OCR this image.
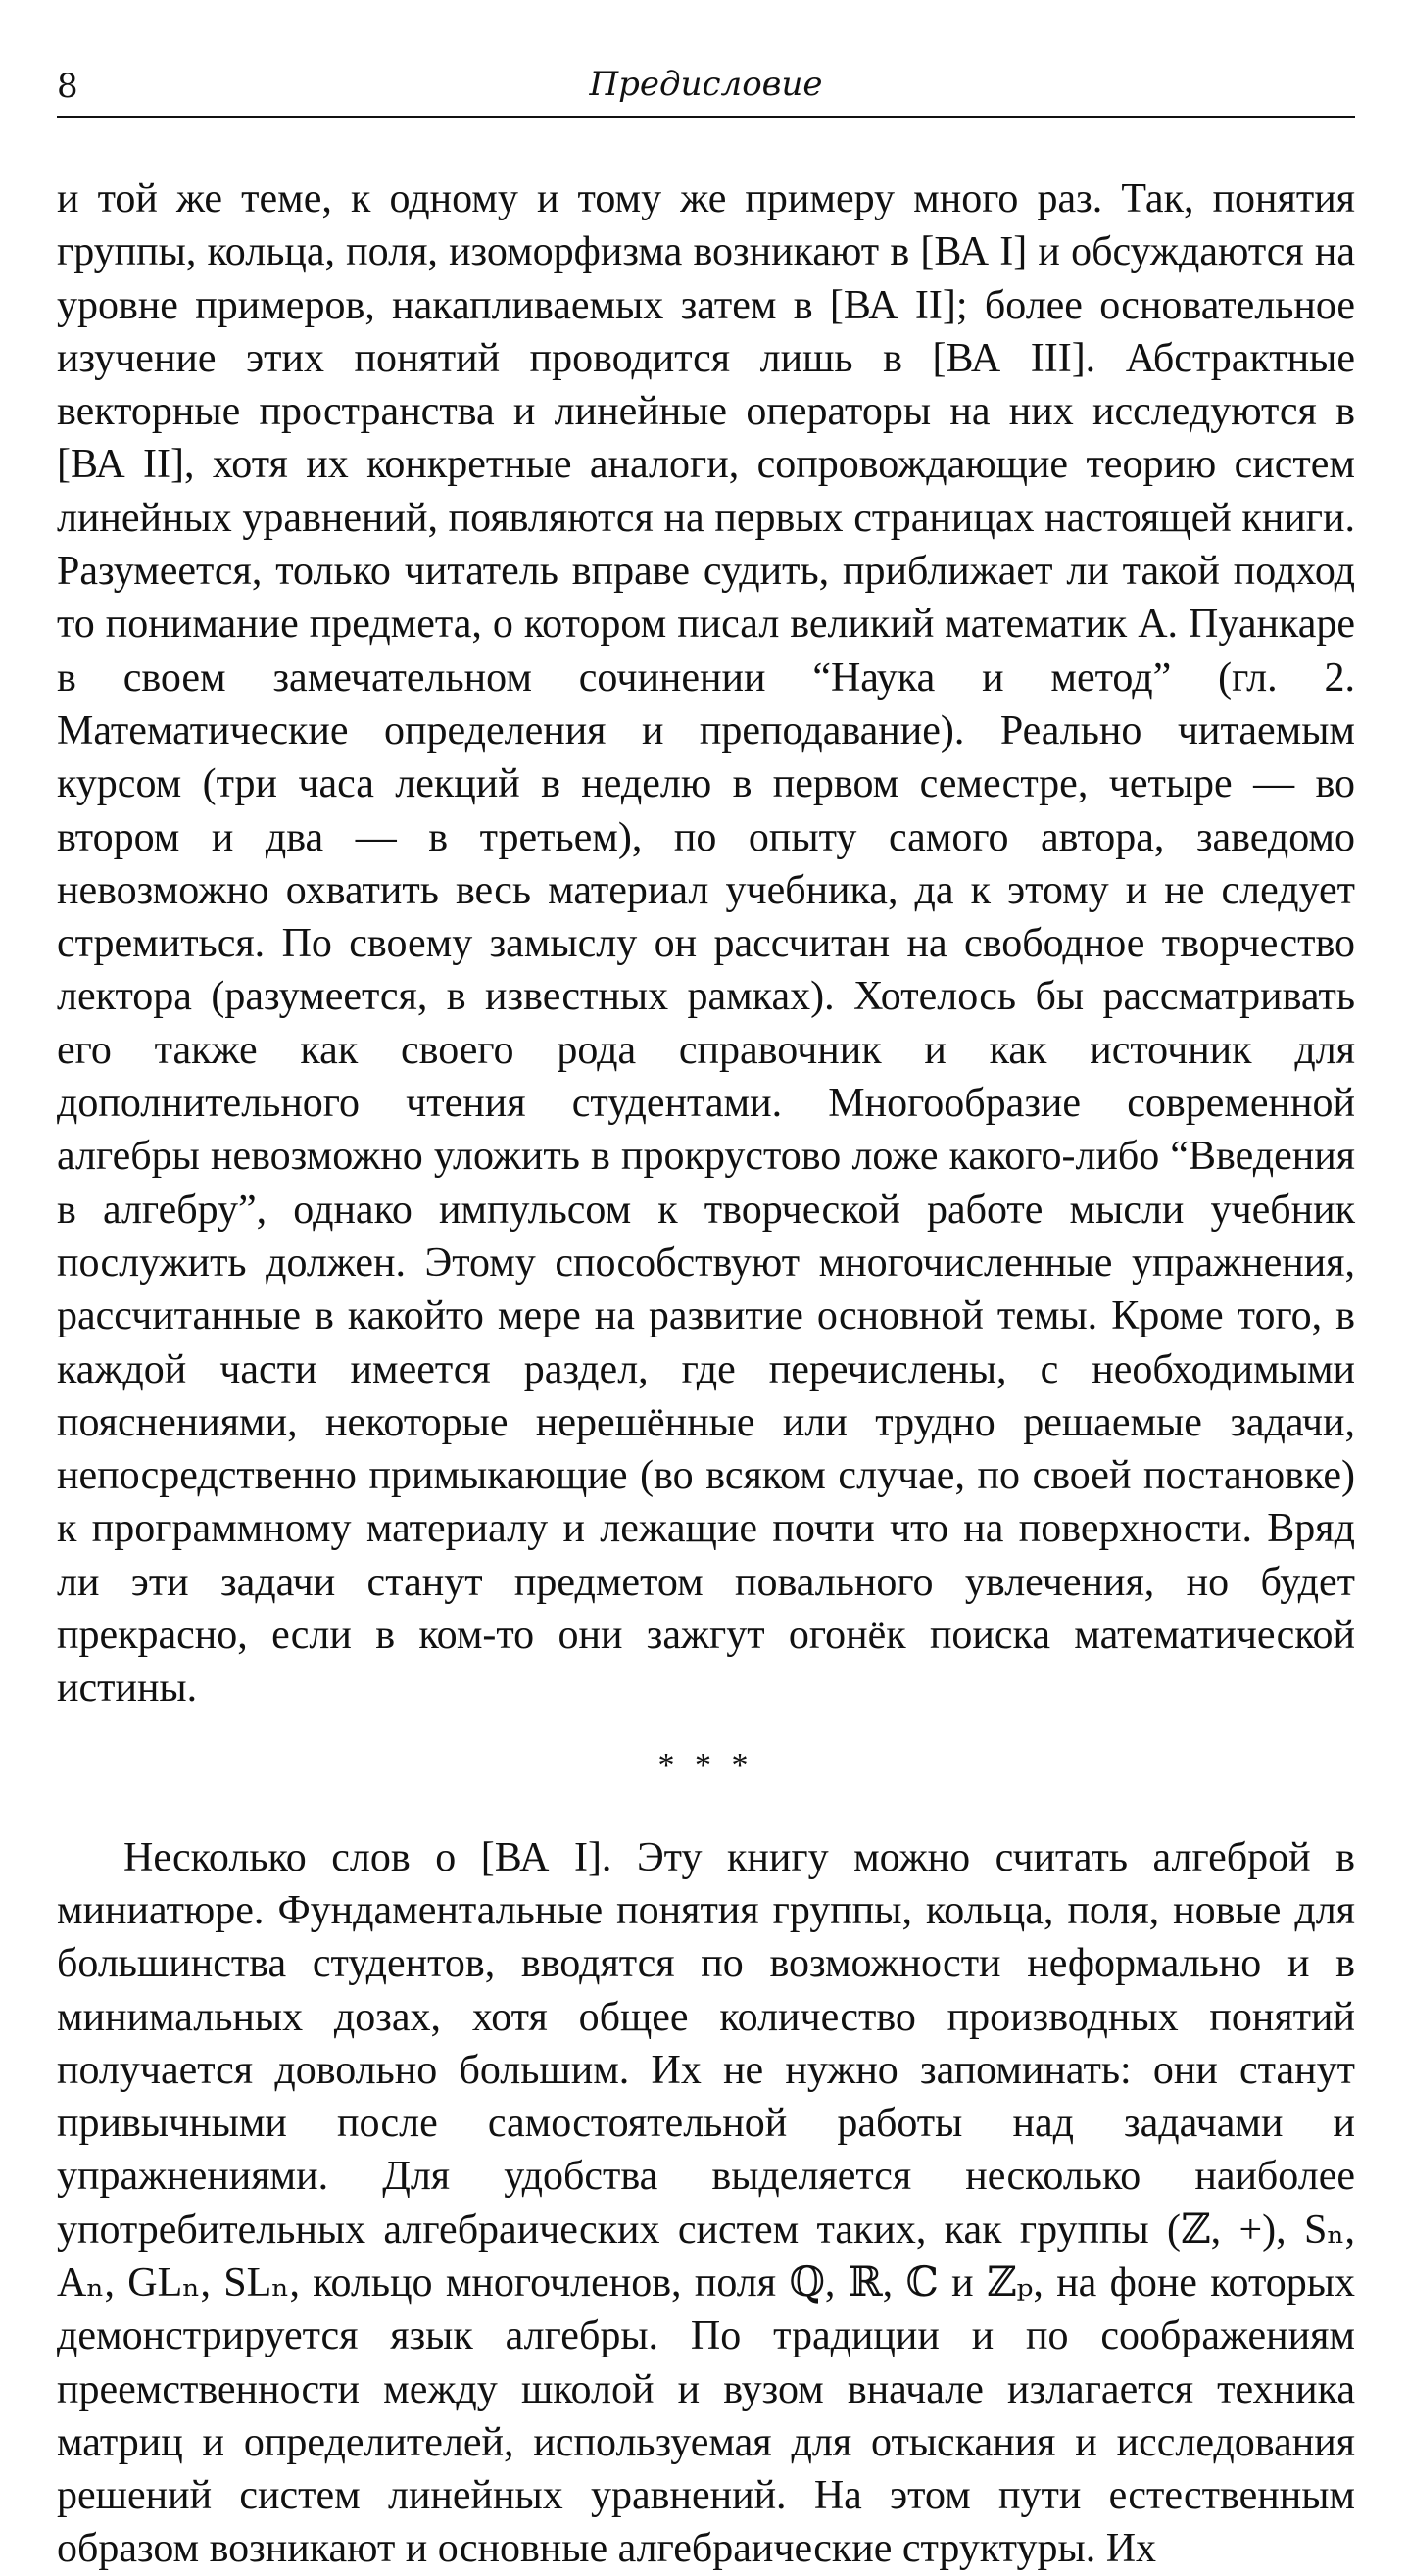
8	Предисловие

и той же теме, к одному и тому же примеру много раз. Так, понятия группы, кольца, поля, изоморфизма возникают в [ВА I] и обсуждаются на уровне примеров, накапливаемых затем в [ВА II]; более основательное изучение этих понятий проводится лишь в [ВА III]. Абстрактные векторные пространства и линейные операторы на них исследуются в [ВА II], хотя их конкретные аналоги, сопровождающие теорию систем линейных уравнений, появляются на первых страницах настоящей книги. Разумеется, только читатель вправе судить, приближает ли такой подход то понимание предмета, о котором писал великий математик А. Пуанкаре в своем замечательном сочинении “Наука и метод” (гл. 2. Математические определения и преподавание). Реально читаемым курсом (три часа лекций в неделю в первом семестре, четыре — во втором и два — в третьем), по опыту самого автора, заведомо невозможно охватить весь материал учебника, да к этому и не следует стремиться. По своему замыслу он рассчитан на свободное творчество лектора (разумеется, в известных рамках). Хотелось бы рассматривать его также как своего рода справочник и как источник для дополнительного чтения студентами. Многообразие современной алгебры невозможно уложить в прокрустово ложе какого-либо “Введения в алгебру”, однако импульсом к творческой работе мысли учебник послужить должен. Этому способствуют многочисленные упражнения, рассчитанные в какойто мере на развитие основной темы. Кроме того, в каждой части имеется раздел, где перечислены, с необходимыми пояснениями, некоторые нерешённые или трудно решаемые задачи, непосредственно примыкающие (во всяком случае, по своей постановке) к программному материалу и лежащие почти что на поверхности. Вряд ли эти задачи станут предметом повального увлечения, но будет прекрасно, если в ком-то они зажгут огонёк поиска математической истины.

* * *

Несколько слов о [ВА I]. Эту книгу можно считать алгеброй в миниатюре. Фундаментальные понятия группы, кольца, поля, новые для большинства студентов, вводятся по возможности неформально и в минимальных дозах, хотя общее количество производных понятий получается довольно большим. Их не нужно запоминать: они станут привычными после самостоятельной работы над задачами и упражнениями. Для удобства выделяется несколько наиболее употребительных алгебраических систем таких, как группы (ℤ, +), Sₙ, Aₙ, GLₙ, SLₙ, кольцо многочленов, поля ℚ, ℝ, ℂ и ℤₚ, на фоне которых демонстрируется язык алгебры. По традиции и по соображениям преемственности между школой и вузом вначале излагается техника матриц и определителей, используемая для отыскания и исследования решений систем линейных уравнений. На этом пути естественным образом возникают и основные алгебраические структуры. Их
